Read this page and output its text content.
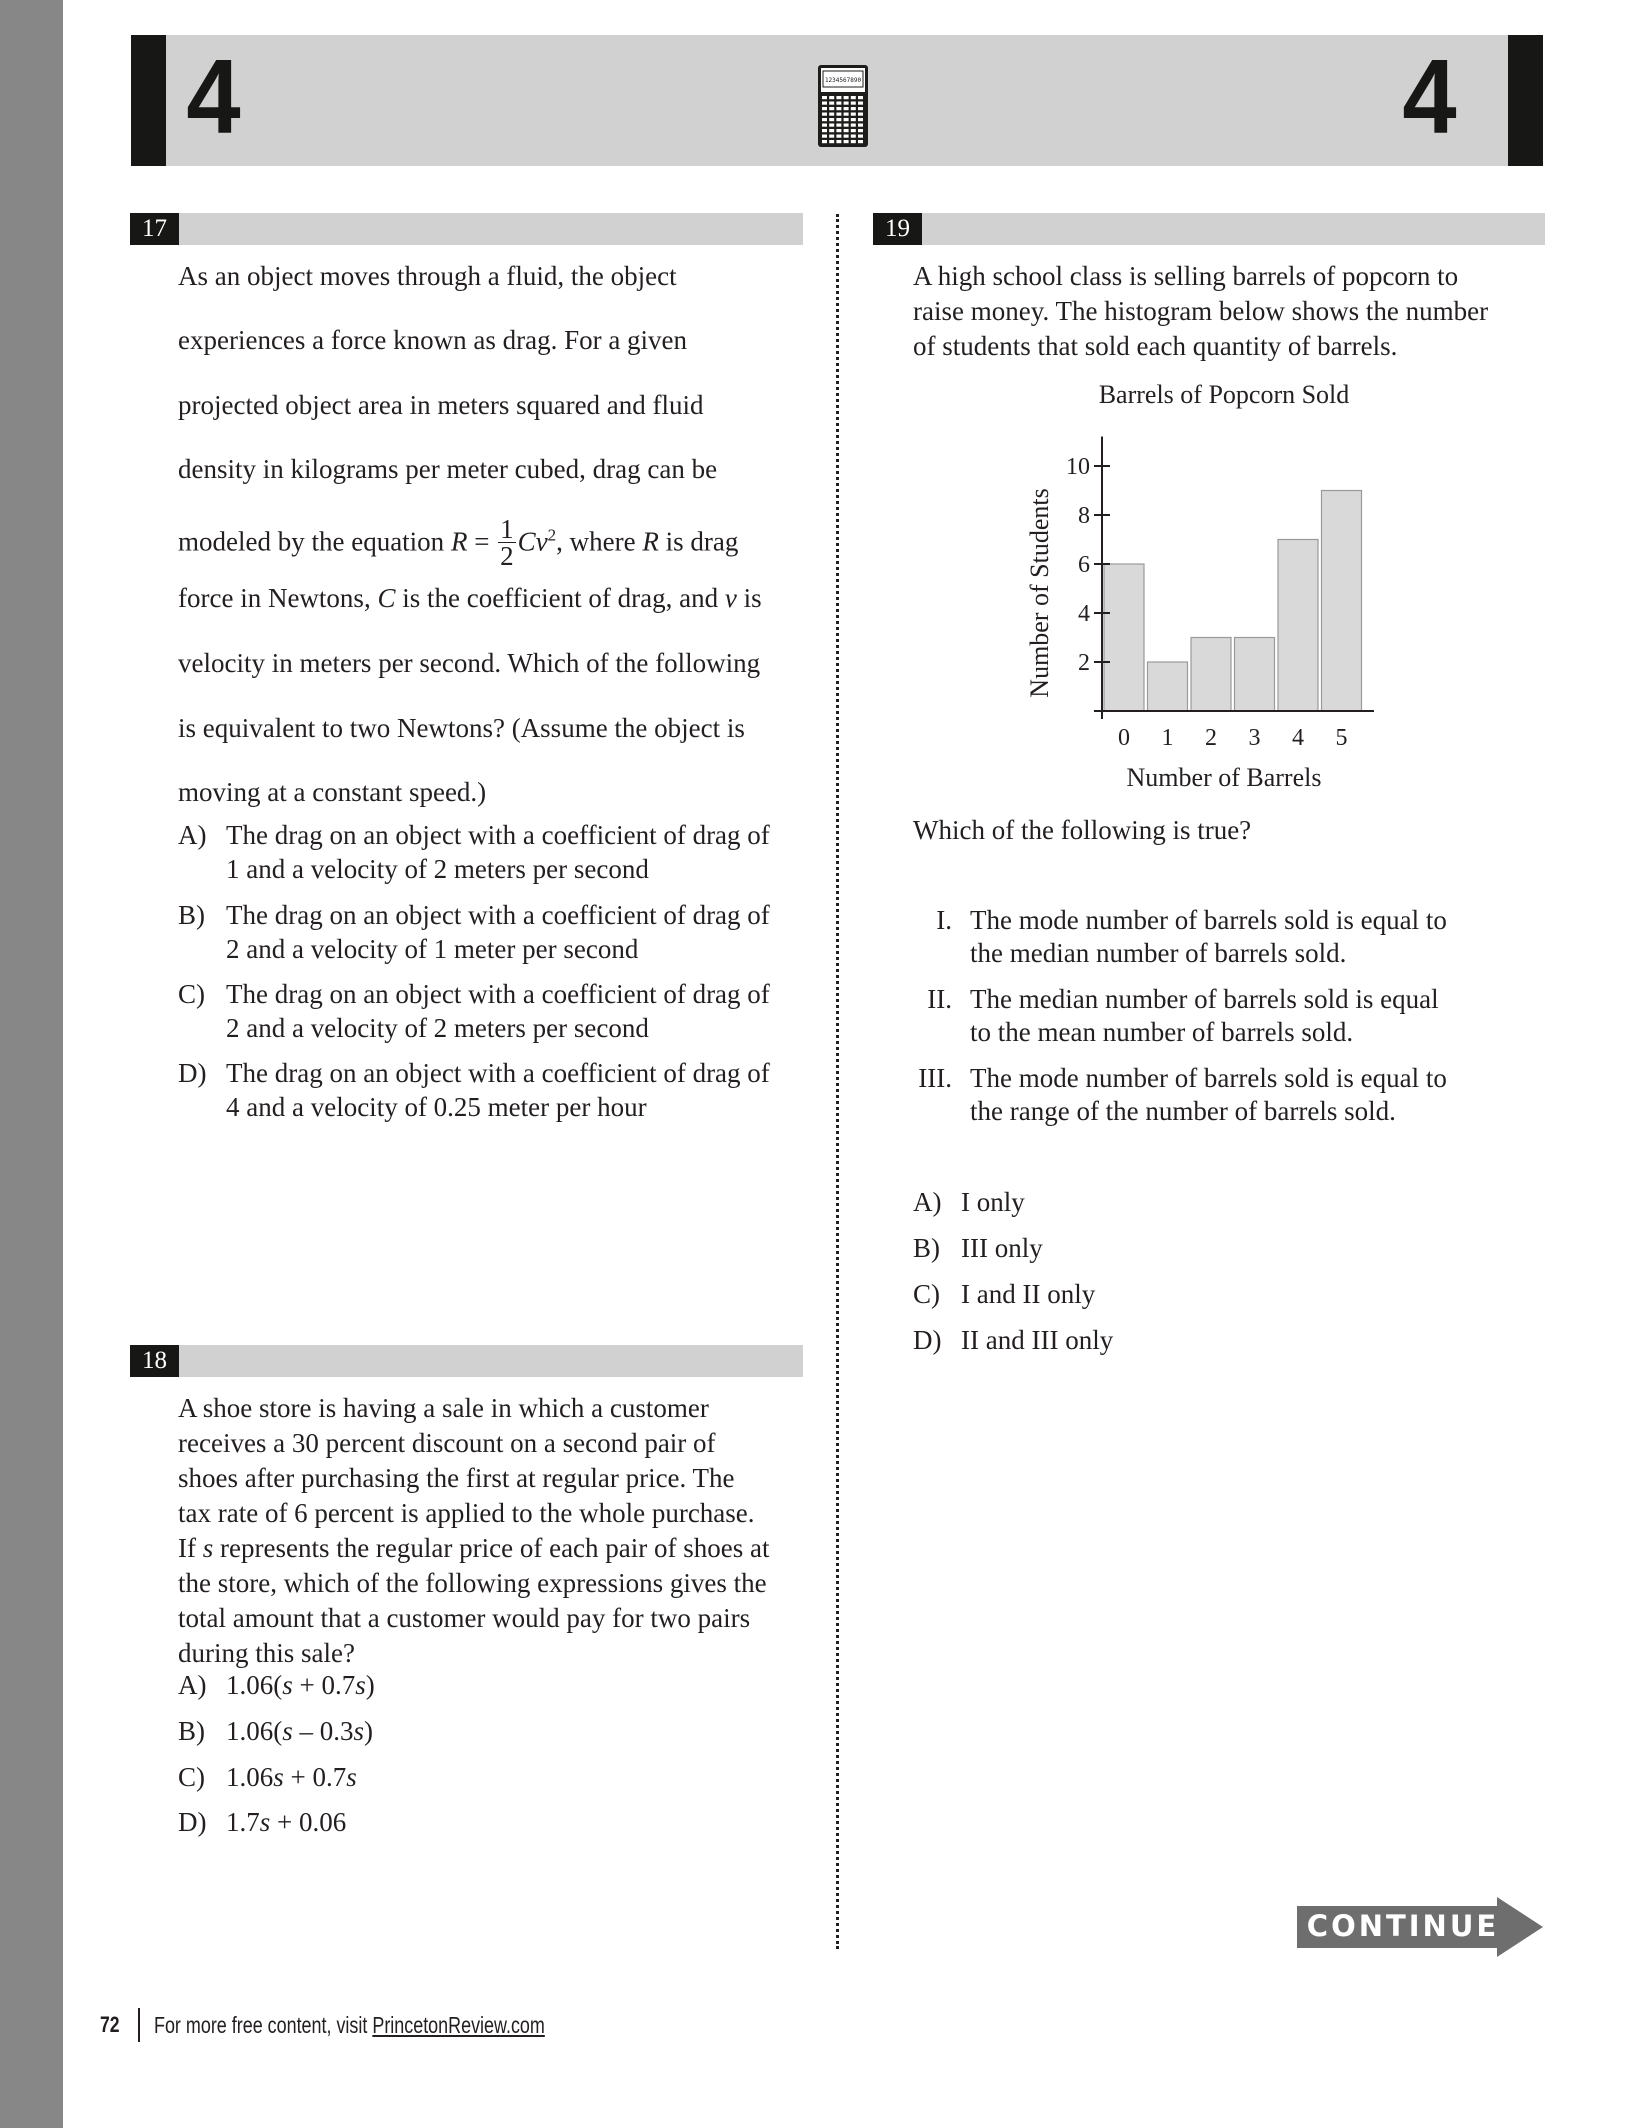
4	4
1234567890
17
As an object moves through a fluid, the object
experiences a force known as drag. For a given
projected object area in meters squared and fluid
density in kilograms per meter cubed, drag can be
modeled by the equation $R = \frac{1}{2} Cv^2$, where R is drag
force in Newtons, C is the coefficient of drag, and v is
velocity in meters per second. Which of the following
is equivalent to two Newtons? (Assume the object is
moving at a constant speed.)
A) The drag on an object with a coefficient of drag of
1 and a velocity of 2 meters per second
B) The drag on an object with a coefficient of drag of
2 and a velocity of 1 meter per second
C) The drag on an object with a coefficient of drag of
2 and a velocity of 2 meters per second
D) The drag on an object with a coefficient of drag of
4 and a velocity of 0.25 meter per hour
18
A shoe store is having a sale in which a customer
receives a 30 percent discount on a second pair of
shoes after purchasing the first at regular price. The
tax rate of 6 percent is applied to the whole purchase.
If s represents the regular price of each pair of shoes at
the store, which of the following expressions gives the
total amount that a customer would pay for two pairs
during this sale?
A) 1.06(s + 0.7s)
B) 1.06(s – 0.3s)
C) 1.06s + 0.7s
D) 1.7s + 0.06
19
A high school class is selling barrels of popcorn to
raise money. The histogram below shows the number
of students that sold each quantity of barrels.
Barrels of Popcorn Sold
Number of Students
Number of Barrels
0 1 2 3 4 5
2
4
6
8
10
Which of the following is true?
I. The mode number of barrels sold is equal to
the median number of barrels sold.
II. The median number of barrels sold is equal
to the mean number of barrels sold.
III. The mode number of barrels sold is equal to
the range of the number of barrels sold.
A) I only
B) III only
C) I and II only
D) II and III only
CONTINUE
72 For more free content, visit PrincetonReview.com
